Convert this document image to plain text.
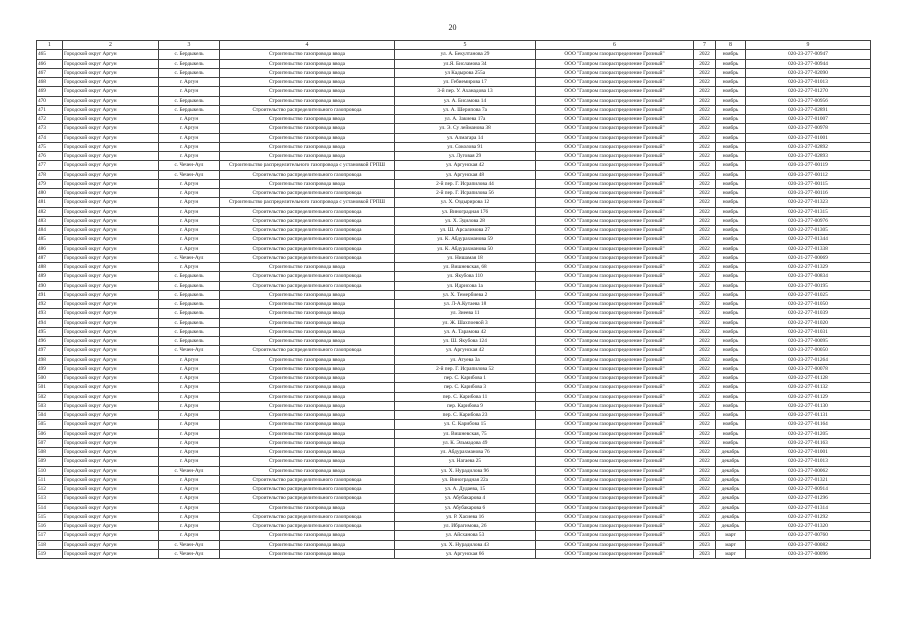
20
1	2	3	4	5	6	7	8	9
465	Городской округ Аргун	с. Бердыкель	Строительство газопровода ввода	ул. А. Бекултанова 29	ООО "Газпром газораспределение Грозный"	2022	ноябрь	020-23-277-00947
466	Городской округ Аргун	с. Бердыкель	Строительство газопровода ввода	ул.Я. Бисламова 34	ООО "Газпром газораспределение Грозный"	2022	ноябрь	020-23-277-00944
467	Городской округ Аргун	с. Бердыкель	Строительство газопровода ввода	ул Кадырова 255а	ООО "Газпром газораспределение Грозный"	2022	ноябрь	020-23-277-02090
468	Городской округ Аргун	г. Аргун	Строительство газопровода ввода	ул. Гебиемирова 17	ООО "Газпром газораспределение Грозный"	2022	ноябрь	020-23-277-01013
469	Городской округ Аргун	г. Аргун	Строительство газопровода ввода	3-й пер. У. Аханадова 13	ООО "Газпром газораспределение Грозный"	2022	ноябрь	020-22-277-01270
470	Городской округ Аргун	с. Бердыкель	Строительство газопровода ввода	ул. А. Бисамова 14	ООО "Газпром газораспределение Грозный"	2022	ноябрь	020-23-277-00956
471	Городской округ Аргун	с. Бердыкель	Строительство распределительного газопровода	ул. А. Шерипова 7а	ООО "Газпром газораспределение Грозный"	2022	ноябрь	020-23-277-02891
472	Городской округ Аргун	г. Аргун	Строительство газопровода ввода	ул. А. Закиева 17а	ООО "Газпром газораспределение Грозный"	2022	ноябрь	020-23-277-01007
473	Городской округ Аргун	г. Аргун	Строительство газопровода ввода	ул. Э. Су лейманова 38	ООО "Газпром газораспределение Грозный"	2022	ноябрь	020-23-277-00978
474	Городской округ Аргун	г. Аргун	Строительство газопровода ввода	ул. Алмагара 14	ООО "Газпром газораспределение Грозный"	2022	ноябрь	020-23-277-01001
475	Городской округ Аргун	г. Аргун	Строительство газопровода ввода	ул. Соколова 91	ООО "Газпром газораспределение Грозный"	2022	ноябрь	020-23-277-02892
476	Городской округ Аргун	г. Аргун	Строительство газопровода ввода	ул. Луговая 29	ООО "Газпром газораспределение Грозный"	2022	ноябрь	020-23-277-02893
477	Городской округ Аргун	с. Чечен-Аул	Строительство распределительного газопровода с установкой ГРПШ	ул. Аргунская 42	ООО "Газпром газораспределение Грозный"	2022	ноябрь	020-23-277-00119
478	Городской округ Аргун	с. Чечен-Аул	Строительство распределительного газопровода	ул. Аргунская 48	ООО "Газпром газораспределение Грозный"	2022	ноябрь	020-23-277-00112
479	Городской округ Аргун	г. Аргун	Строительство газопровода ввода	2-й пер. Г. Исрапилова 44	ООО "Газпром газораспределение Грозный"	2022	ноябрь	020-23-277-00115
480	Городской округ Аргун	г. Аргун	Строительство распределительного газопровода	2-й пер. Г. Исрапилова 56	ООО "Газпром газораспределение Грозный"	2022	ноябрь	020-23-277-00116
481	Городской округ Аргун	г. Аргун	Строительство распределительного газопровода с установкой ГРПШ	ул. Х. Оздырирова 12	ООО "Газпром газораспределение Грозный"	2022	ноябрь	020-22-277-01323
482	Городской округ Аргун	г. Аргун	Строительство распределительного газопровода	ул. Виноградная 176	ООО "Газпром газораспределение Грозный"	2022	ноябрь	020-22-277-01315
483	Городской округ Аргун	г. Аргун	Строительство распределительного газопровода	ул. Х. Эдилова 28	ООО "Газпром газораспределение Грозный"	2022	ноябрь	020-23-277-00976
484	Городской округ Аргун	г. Аргун	Строительство распределительного газопровода	ул. Ш. Арсалимова 27	ООО "Газпром газораспределение Грозный"	2022	ноябрь	020-22-277-01305
485	Городской округ Аргун	г. Аргун	Строительство распределительного газопровода	ул. К. Абдурахманова 59	ООО "Газпром газораспределение Грозный"	2022	ноябрь	020-22-277-01344
486	Городской округ Аргун	г. Аргун	Строительство распределительного газопровода	ул. К. Абдурахманова 50	ООО "Газпром газораспределение Грозный"	2022	ноябрь	020-22-277-01338
487	Городской округ Аргун	с. Чечен-Аул	Строительство распределительного газопровода	ул. Нишамая 18	ООО "Газпром газораспределение Грозный"	2022	ноябрь	020-21-277-00069
488	Городской округ Аргун	г. Аргун	Строительство газопровода ввода	ул. Вишневская, 68	ООО "Газпром газораспределение Грозный"	2022	ноябрь	020-22-277-01329
489	Городской округ Аргун	с. Бердыкель	Строительство распределительного газопровода	ул. Якубова 110	ООО "Газпром газораспределение Грозный"	2022	ноябрь	020-23-277-00834
490	Городской округ Аргун	с. Бердыкель	Строительство распределительного газопровода	ул. Идрисова 1а	ООО "Газпром газораспределение Грозный"	2022	ноябрь	020-23-277-00195
491	Городской округ Аргун	с. Бердыкель	Строительство газопровода ввода	ул. Х. Темербиева 2	ООО "Газпром газораспределение Грозный"	2022	ноябрь	020-22-277-01025
492	Городской округ Аргун	с. Бердыкель	Строительство газопровода ввода	ул. Л-А.Кутаева 18	ООО "Газпром газораспределение Грозный"	2022	ноябрь	020-22-277-01050
493	Городской округ Аргун	с. Бердыкель	Строительство газопровода ввода	ул. Зиеева 11	ООО "Газпром газораспределение Грозный"	2022	ноябрь	020-22-277-01039
494	Городской округ Аргун	с. Бердыкель	Строительство газопровода ввода	ул. Ж. Шахпоевой 3	ООО "Газпром газораспределение Грозный"	2022	ноябрь	020-22-277-01020
495	Городской округ Аргун	с. Бердыкель	Строительство газопровода ввода	ул. А. Тарамова 42	ООО "Газпром газораспределение Грозный"	2022	ноябрь	020-22-277-01031
496	Городской округ Аргун	с. Бердыкель	Строительство газопровода ввода	ул. Ш. Якубова 124	ООО "Газпром газораспределение Грозный"	2022	ноябрь	020-23-277-00095
497	Городской округ Аргун	с. Чечен-Аул	Строительство распределительного газопровода	ул. Аргунская 42	ООО "Газпром газораспределение Грозный"	2022	ноябрь	020-23-277-00050
498	Городской округ Аргун	г. Аргун	Строительство газопровода ввода	ул. Атуева 3а	ООО "Газпром газораспределение Грозный"	2022	ноябрь	020-23-277-01264
499	Городской округ Аргун	г. Аргун	Строительство газопровода ввода	2-й пер. Г. Исрапилова 52	ООО "Газпром газораспределение Грозный"	2022	ноябрь	020-23-277-00078
500	Городской округ Аргун	г. Аргун	Строительство газопровода ввода	пер. С. Карибова 1	ООО "Газпром газораспределение Грозный"	2022	ноябрь	020-22-277-01128
501	Городской округ Аргун	г. Аргун	Строительство газопровода ввода	пер. С. Карибова 3	ООО "Газпром газораспределение Грозный"	2022	ноябрь	020-22-277-01132
502	Городской округ Аргун	г. Аргун	Строительство газопровода ввода	пер. С. Карибова 11	ООО "Газпром газораспределение Грозный"	2022	ноябрь	020-22-277-01129
503	Городской округ Аргун	г. Аргун	Строительство газопровода ввода	пер. Карибова 9	ООО "Газпром газораспределение Грозный"	2022	ноябрь	020-22-277-01130
504	Городской округ Аргун	г. Аргун	Строительство газопровода ввода	пер. С. Карибова 23	ООО "Газпром газораспределение Грозный"	2022	ноябрь	020-22-277-01131
505	Городской округ Аргун	г. Аргун	Строительство газопровода ввода	ул. С. Карибова 15	ООО "Газпром газораспределение Грозный"	2022	ноябрь	020-22-277-01164
506	Городской округ Аргун	г. Аргун	Строительство газопровода ввода	ул. Вишневская, 75	ООО "Газпром газораспределение Грозный"	2022	ноябрь	020-22-277-01205
507	Городской округ Аргун	г. Аргун	Строительство газопровода ввода	ул. К. Эльмадова 49	ООО "Газпром газораспределение Грозный"	2022	ноябрь	020-22-277-01163
508	Городской округ Аргун	г. Аргун	Строительство газопровода ввода	ул. Абдурахманова 76	ООО "Газпром газораспределение Грозный"	2022	декабрь	020-22-277-01001
509	Городской округ Аргун	г. Аргун	Строительство газопровода ввода	ул. Нагаева 25	ООО "Газпром газораспределение Грозный"	2022	декабрь	020-22-277-01013
510	Городской округ Аргун	с. Чечен-Аул	Строительство газопровода ввода	ул. Х. Нурадилова 96	ООО "Газпром газораспределение Грозный"	2022	декабрь	020-23-277-00062
511	Городской округ Аргун	г. Аргун	Строительство распределительного газопровода	ул. Виноградная 22а	ООО "Газпром газораспределение Грозный"	2022	декабрь	020-22-277-01321
512	Городской округ Аргун	г. Аргун	Строительство распределительного газопровода	ул. А. Дудаева, 15	ООО "Газпром газораспределение Грозный"	2022	декабрь	020-22-277-00914
513	Городской округ Аргун	г. Аргун	Строительство распределительного газопровода	ул. Абубакарова 4	ООО "Газпром газораспределение Грозный"	2022	декабрь	020-22-277-01296
514	Городской округ Аргун	г. Аргун	Строительство газопровода ввода	ул. Абубакарова 6	ООО "Газпром газораспределение Грозный"	2022	декабрь	020-22-277-01314
515	Городской округ Аргун	г. Аргун	Строительство распределительного газопровода	ул. Р. Хасиева 16	ООО "Газпром газораспределение Грозный"	2022	декабрь	020-22-277-01292
516	Городской округ Аргун	г. Аргун	Строительство распределительного газопровода	ул. Ибрагимова, 26	ООО "Газпром газораспределение Грозный"	2022	декабрь	020-22-277-01320
517	Городской округ Аргун	г. Аргун	Строительство газопровода ввода	ул. Айсханова 53	ООО "Газпром газораспределение Грозный"	2023	март	020-22-277-00760
518	Городской округ Аргун	с. Чечен-Аул	Строительство газопровода ввода	ул. Х. Нурадилова 43	ООО "Газпром газораспределение Грозный"	2023	март	020-23-277-00082
519	Городской округ Аргун	с. Чечен-Аул	Строительство газопровода ввода	ул. Аргунская 66	ООО "Газпром газораспределение Грозный"	2023	март	020-23-277-00096
